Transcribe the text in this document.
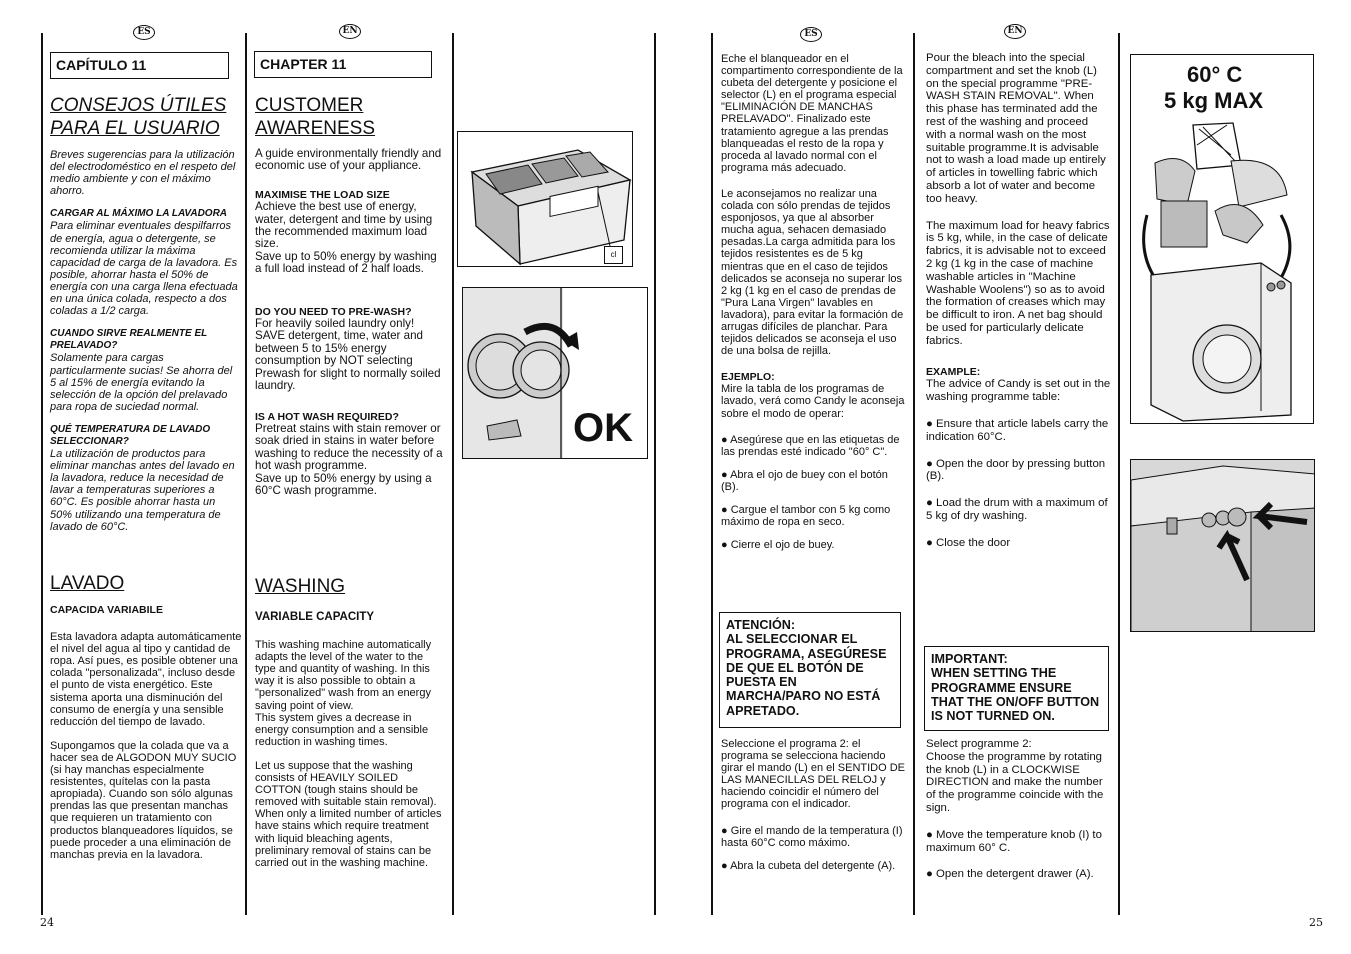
ES	EN	ES	EN
CAPÍTULO 11
CONSEJOS ÚTILES
PARA EL USUARIO

Breves sugerencias para la utilización del electrodoméstico en el respeto del medio ambiente y con el máximo ahorro.

CARGAR AL MÁXIMO LA LAVADORA

Para eliminar eventuales despilfarros de energía, agua o detergente, se recomienda utilizar la máxima capacidad de carga de la lavadora. Es posible, ahorrar hasta el 50% de energía con una carga llena efectuada en una única colada, respecto a dos coladas a 1/2 carga.

CUANDO SIRVE REALMENTE EL PRELAVADO?

Solamente para cargas particularmente sucias! Se ahorra del 5 al 15% de energía evitando la selección de la opción del prelavado para ropa de suciedad normal.

QUÉ TEMPERATURA DE LAVADO SELECCIONAR?

La utilización de productos para eliminar manchas antes del lavado en la lavadora, reduce la necesidad de lavar a temperaturas superiores a 60°C. Es posible ahorrar hasta un 50% utilizando una temperatura de lavado de 60°C.

LAVADO

CAPACIDA VARIABILE

Esta lavadora adapta automáticamente el nivel del agua al tipo y cantidad de ropa. Así pues, es posible obtener una colada "personalizada", incluso desde el punto de vista energético. Este sistema aporta una disminución del consumo de energía y una sensible reducción del tiempo de lavado.

Supongamos que la colada que va a hacer sea de ALGODON MUY SUCIO (si hay manchas especialmente resistentes, quítelas con la pasta apropiada). Cuando son sólo algunas prendas las que presentan manchas que requieren un tratamiento con productos blanqueadores líquidos, se puede proceder a una eliminación de manchas previa en la lavadora.

24
CHAPTER 11
CUSTOMER
AWARENESS

A guide environmentally friendly and economic use of your appliance.

MAXIMISE THE LOAD SIZE

Achieve the best use of energy, water, detergent and time by using the recommended maximum load size.
Save up to 50% energy by washing a full load instead of 2 half loads.

DO YOU NEED TO PRE-WASH?

For heavily soiled laundry only! SAVE detergent, time, water and between 5 to 15% energy consumption by NOT selecting Prewash for slight to normally soiled laundry.

IS A HOT WASH REQUIRED?

Pretreat stains with stain remover or soak dried in stains in water before washing to reduce the necessity of a hot wash programme.
Save up to 50% energy by using a 60°C wash programme.

WASHING

VARIABLE CAPACITY

This washing machine automatically adapts the level of the water to the type and quantity of washing. In this way it is also possible to obtain a "personalized" wash from an energy saving point of view.
This system gives a decrease in energy consumption and a sensible reduction in washing times.

Let us suppose that the washing consists of HEAVILY SOILED COTTON (tough stains should be removed with suitable stain removal). When only a limited number of articles have stains which require treatment with liquid bleaching agents, preliminary removal of stains can be carried out in the washing machine.

cl
OK

Eche el blanqueador en el compartimento correspondiente de la cubeta del detergente y posicione el selector (L) en el programa especial "ELIMINACIÓN DE MANCHAS PRELAVADO". Finalizado este tratamiento agregue a las prendas blanqueadas el resto de la ropa y proceda al lavado normal con el programa más adecuado.

Le aconsejamos no realizar una colada con sólo prendas de tejidos esponjosos, ya que al absorber mucha agua, sehacen demasiado pesadas.La carga admitida para los tejidos resistentes es de 5 kg mientras que en el caso de tejidos delicados se aconseja no superar los 2 kg (1 kg en el caso de prendas de "Pura Lana Virgen" lavables en lavadora), para evitar la formación de arrugas difíciles de planchar. Para tejidos delicados se aconseja el uso de una bolsa de rejilla.

EJEMPLO:

Mire la tabla de los programas de lavado, verá como Candy le aconseja sobre el modo de operar:

● Asegúrese que en las etiquetas de las prendas esté indicado "60° C".

● Abra el ojo de buey con el botón (B).

● Cargue el tambor con 5 kg como máximo de ropa en seco.

● Cierre el ojo de buey.

ATENCIÓN:
AL SELECCIONAR EL PROGRAMA, ASEGÚRESE DE QUE EL BOTÓN DE PUESTA EN MARCHA/PARO NO ESTÁ APRETADO.

Seleccione el programa 2: el programa se selecciona haciendo girar el mando (L) en el SENTIDO DE LAS MANECILLAS DEL RELOJ y haciendo coincidir el número del programa con el indicador.

● Gire el mando de la temperatura (I) hasta 60°C como máximo.

● Abra la cubeta del detergente (A).

Pour the bleach into the special compartment and set the knob (L) on the special programme "PRE-WASH STAIN REMOVAL". When this phase has terminated add the rest of the washing and proceed with a normal wash on the most suitable programme.It is advisable not to wash a load made up entirely of articles in towelling fabric which absorb a lot of water and become too heavy.

The maximum load for heavy fabrics is 5 kg, while, in the case of delicate fabrics, it is advisable not to exceed 2 kg (1 kg in the case of machine washable articles in "Machine Washable Woolens") so as to avoid the formation of creases which may be difficult to iron. A net bag should be used for particularly delicate fabrics.

EXAMPLE:

The advice of Candy is set out in the washing programme table:

● Ensure that article labels carry the indication 60°C.

● Open the door by pressing button (B).

● Load the drum with a maximum of 5 kg of dry washing.

● Close the door

IMPORTANT:
WHEN SETTING THE PROGRAMME ENSURE THAT THE ON/OFF BUTTON IS NOT TURNED ON.

Select programme 2:
Choose the programme by rotating the knob (L) in a CLOCKWISE DIRECTION and make the number of the programme coincide with the sign.

● Move the temperature knob (I) to maximum 60° C.

● Open the detergent drawer (A).

60° C
5 kg MAX
25
